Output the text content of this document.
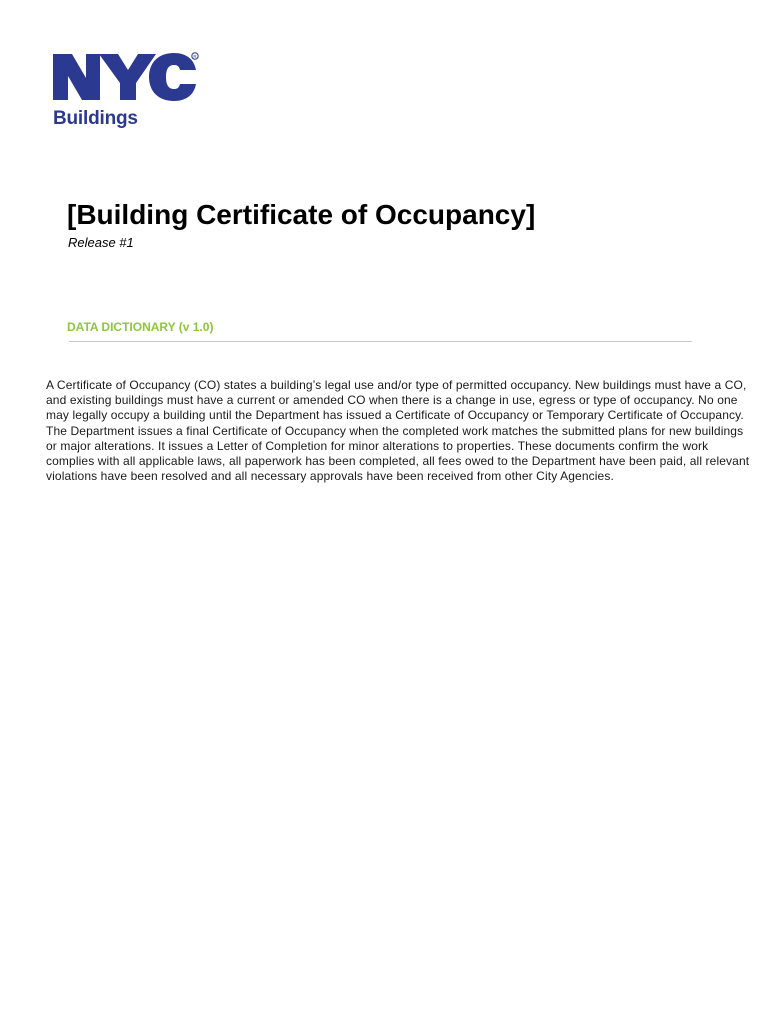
R
Buildings
[Building Certificate of Occupancy]
Release #1
DATA DICTIONARY (v 1.0)

A Certificate of Occupancy (CO) states a building’s legal use and/or type of permitted occupancy. New buildings must have a CO,
and existing buildings must have a current or amended CO when there is a change in use, egress or type of occupancy. No one
may legally occupy a building until the Department has issued a Certificate of Occupancy or Temporary Certificate of Occupancy.
The Department issues a final Certificate of Occupancy when the completed work matches the submitted plans for new buildings
or major alterations. It issues a Letter of Completion for minor alterations to properties. These documents confirm the work
complies with all applicable laws, all paperwork has been completed, all fees owed to the Department have been paid, all relevant
violations have been resolved and all necessary approvals have been received from other City Agencies.
